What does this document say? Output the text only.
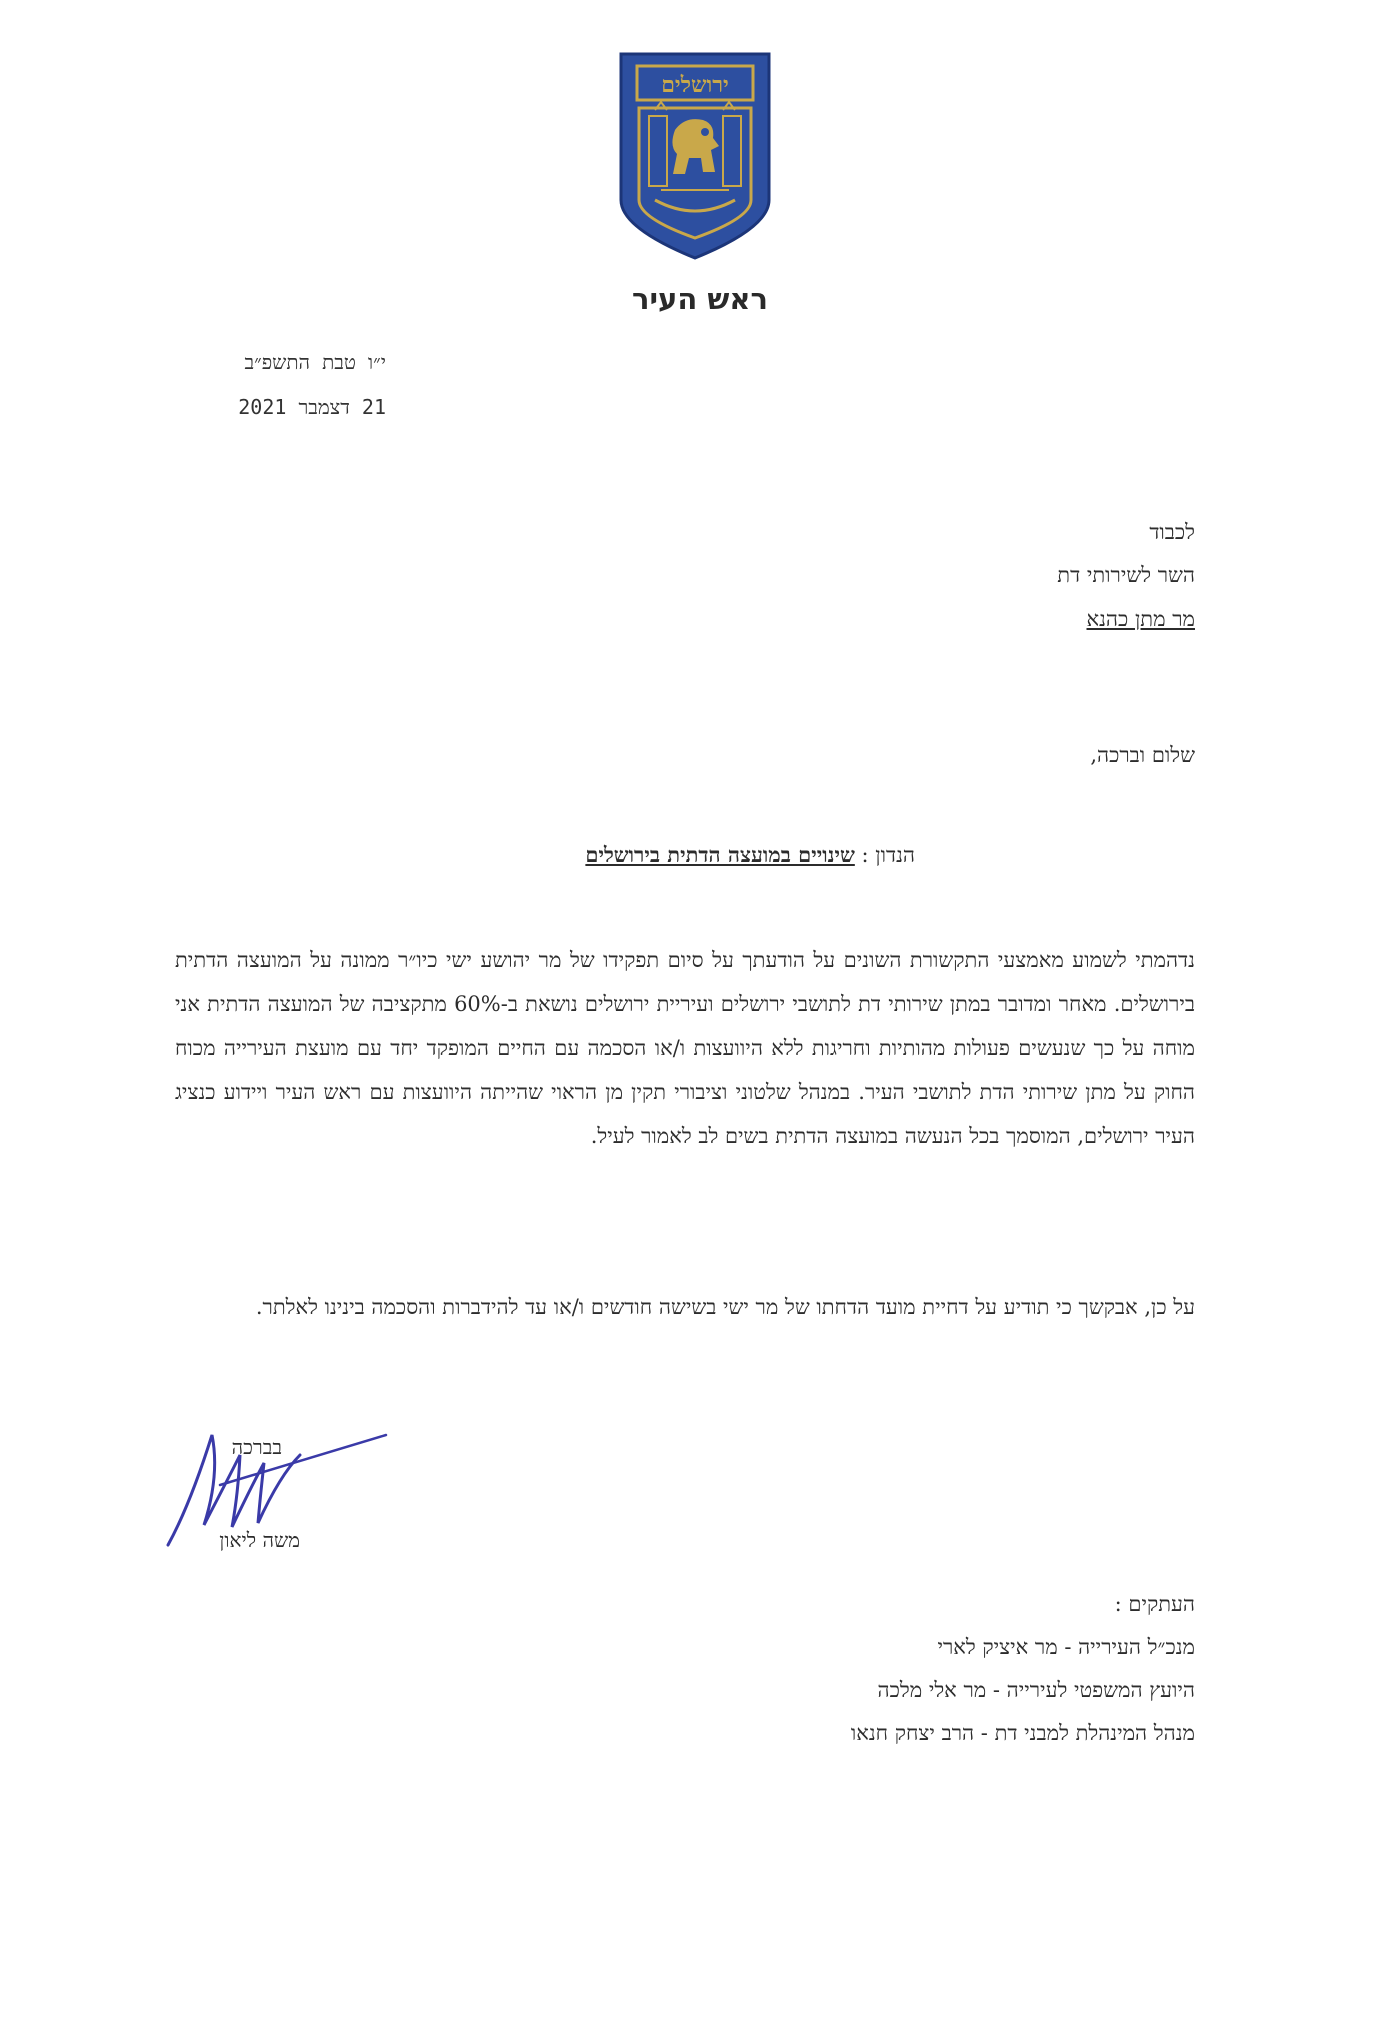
ירושלים
ראש העיר
י״ו טבת התשפ״ב
21 דצמבר 2021
לכבוד
השר לשירותי דת
מר מתן כהנא
שלום וברכה,
הנדון : שינויים במועצה הדתית בירושלים

נדהמתי לשמוע מאמצעי התקשורת השונים על הודעתך על סיום תפקידו של מר יהושע ישי כיו״ר ממונה על המועצה הדתית בירושלים. מאחר ומדובר במתן שירותי דת לתושבי ירושלים ועיריית ירושלים נושאת ב-60% מתקציבה של המועצה הדתית אני מוחה על כך שנעשים פעולות מהותיות וחריגות ללא היוועצות ו/או הסכמה עם החיים המופקד יחד עם מועצת העירייה מכוח החוק על מתן שירותי הדת לתושבי העיר. במנהל שלטוני וציבורי תקין מן הראוי שהייתה היוועצות עם ראש העיר ויידוע כנציג העיר ירושלים, המוסמך בכל הנעשה במועצה הדתית בשים לב לאמור לעיל.

על כן, אבקשך כי תודיע על דחיית מועד הדחתו של מר ישי בשישה חודשים ו/או עד להידברות והסכמה בינינו לאלתר.

בברכה
משה ליאון
העתקים :
מנכ״ל העירייה - מר איציק לארי
היועץ המשפטי לעירייה - מר אלי מלכה
מנהל המינהלת למבני דת - הרב יצחק חנאו
